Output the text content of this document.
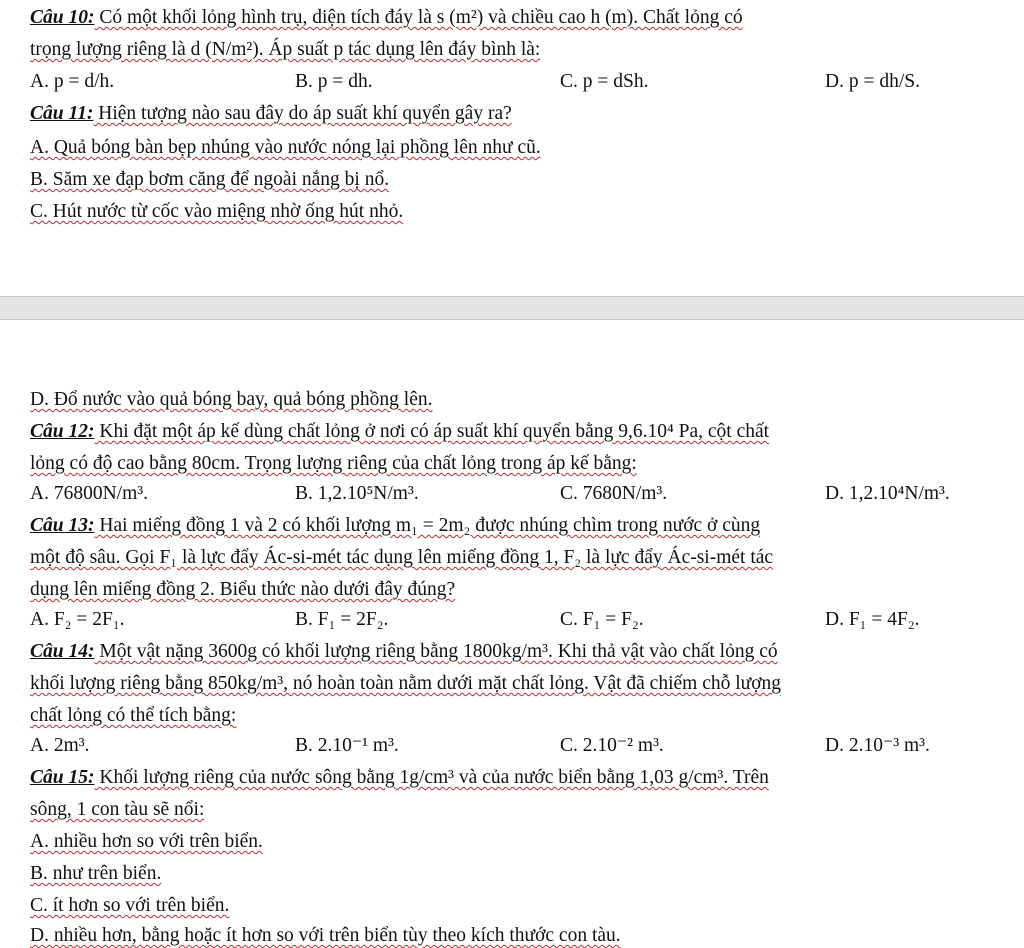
Câu 10: Có một khối lỏng hình trụ, diện tích đáy là s (m²) và chiều cao h (m). Chất lỏng có
trọng lượng riêng là d (N/m²). Áp suất p tác dụng lên đáy bình là:
A. p = d/h.	B. p = dh.	C. p = dSh.	D. p = dh/S.
Câu 11: Hiện tượng nào sau đây do áp suất khí quyển gây ra?
A. Quả bóng bàn bẹp nhúng vào nước nóng lại phồng lên như cũ.
B. Săm xe đạp bơm căng để ngoài nắng bị nổ.
C. Hút nước từ cốc vào miệng nhờ ống hút nhỏ.
D. Đổ nước vào quả bóng bay, quả bóng phồng lên.
Câu 12: Khi đặt một áp kế dùng chất lỏng ở nơi có áp suất khí quyển bằng 9,6.10⁴ Pa, cột chất
lỏng có độ cao bằng 80cm. Trọng lượng riêng của chất lỏng trong áp kế bằng:
A. 76800N/m³.	B. 1,2.10⁵N/m³.	C. 7680N/m³.	D. 1,2.10⁴N/m³.
Câu 13: Hai miếng đồng 1 và 2 có khối lượng m₁ = 2m₂ được nhúng chìm trong nước ở cùng
một độ sâu. Gọi F₁ là lực đẩy Ác-si-mét tác dụng lên miếng đồng 1, F₂ là lực đẩy Ác-si-mét tác
dụng lên miếng đồng 2. Biểu thức nào dưới đây đúng?
A. F₂ = 2F₁.	B. F₁ = 2F₂.	C. F₁ = F₂.	D. F₁ = 4F₂.
Câu 14: Một vật nặng 3600g có khối lượng riêng bằng 1800kg/m³. Khi thả vật vào chất lỏng có
khối lượng riêng bằng 850kg/m³, nó hoàn toàn nằm dưới mặt chất lỏng. Vật đã chiếm chỗ lượng
chất lỏng có thể tích bằng:
A. 2m³.	B. 2.10⁻¹ m³.	C. 2.10⁻² m³.	D. 2.10⁻³ m³.
Câu 15: Khối lượng riêng của nước sông bằng 1g/cm³ và của nước biển bằng 1,03 g/cm³. Trên
sông, 1 con tàu sẽ nổi:
A. nhiều hơn so với trên biển.
B. như trên biển.
C. ít hơn so với trên biển.
D. nhiều hơn, bằng hoặc ít hơn so với trên biển tùy theo kích thước con tàu.
